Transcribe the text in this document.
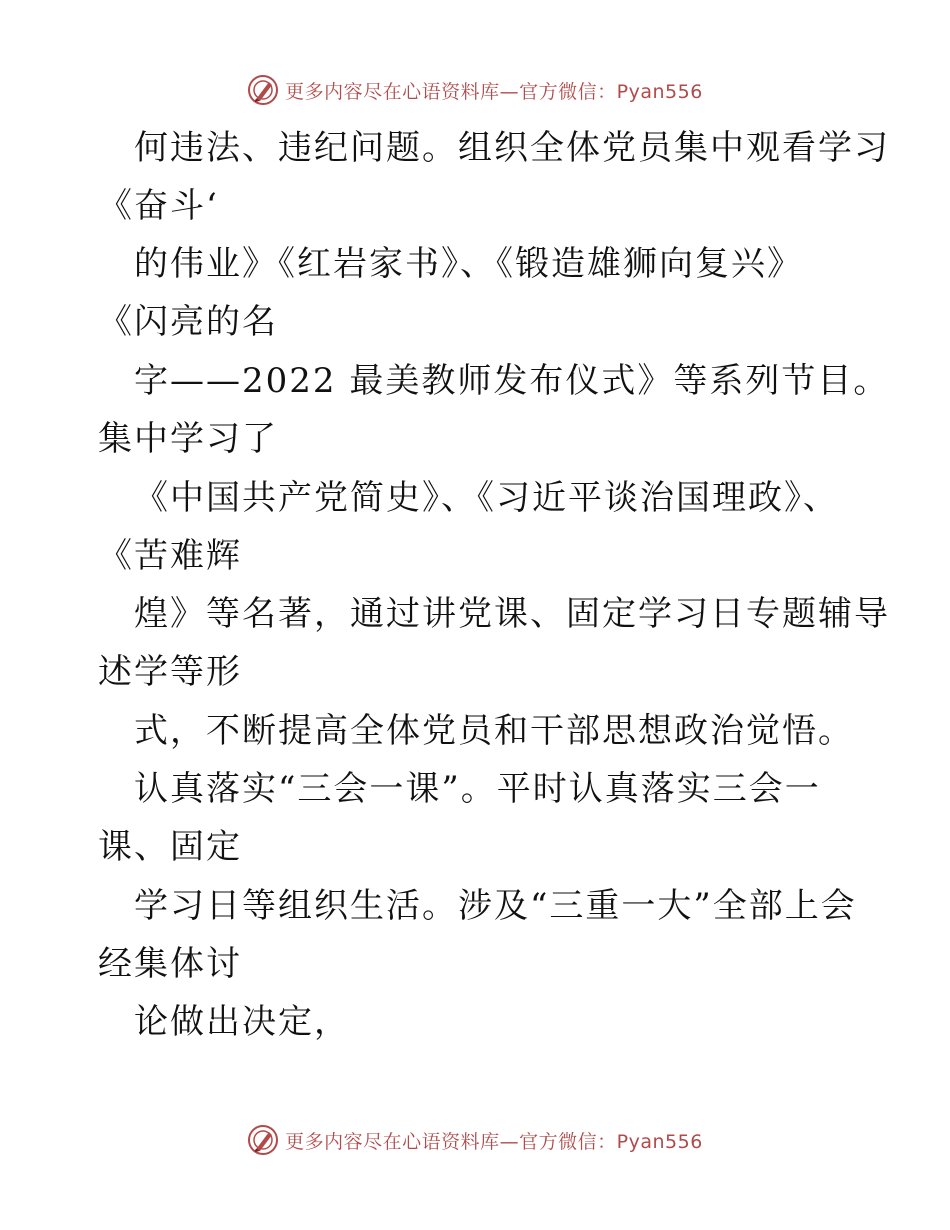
更多内容尽在心语资料库—官方微信：Pyan556
何违法、违纪问题。组织全体党员集中观看学习
《奋斗‘
的伟业》《红岩家书》、《锻造雄狮向复兴》
《闪亮的名
字——2022 最美教师发布仪式》等系列节目。
集中学习了
《中国共产党简史》、《习近平谈治国理政》、
《苦难辉
煌》等名著，通过讲党课、固定学习日专题辅导
述学等形
式，不断提高全体党员和干部思想政治觉悟。
认真落实“三会一课”。平时认真落实三会一
课、固定
学习日等组织生活。涉及“三重一大”全部上会
经集体讨
论做出决定，
更多内容尽在心语资料库—官方微信：Pyan556
